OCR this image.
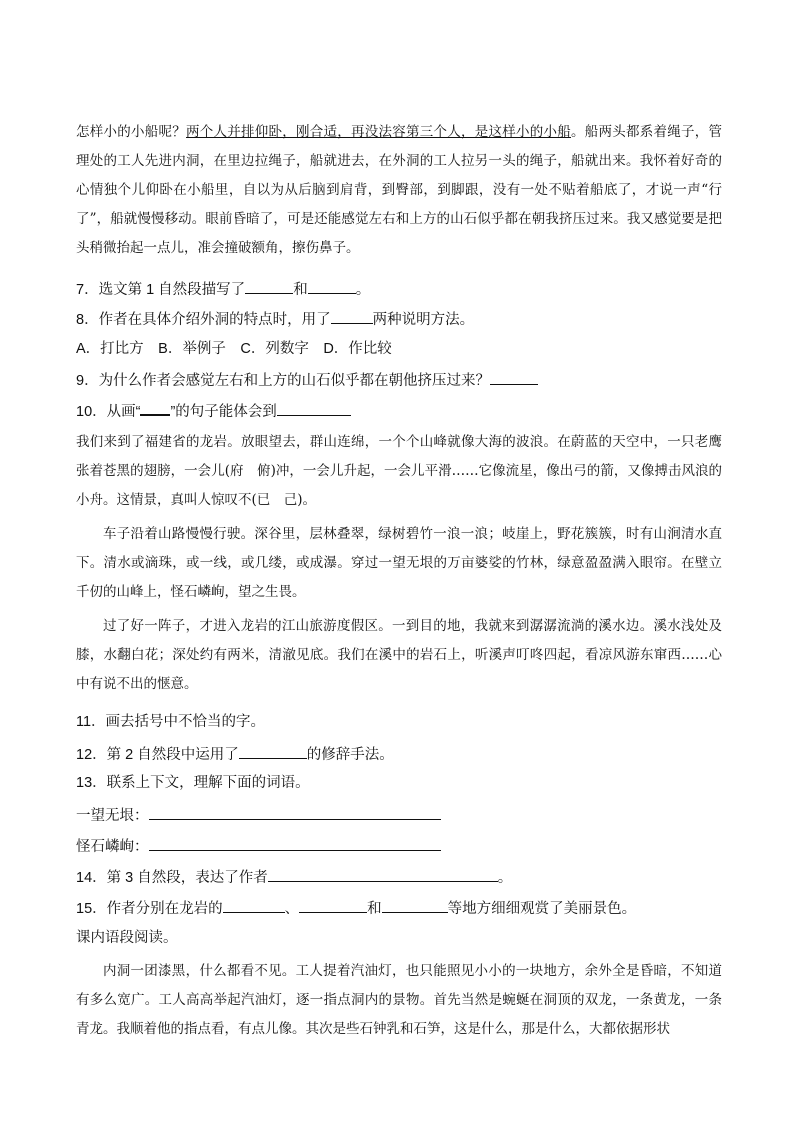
怎样小的小船呢？两个人并排仰卧，刚合适，再没法容第三个人，是这样小的小船。船两头都系着绳子，管理处的工人先进内洞，在里边拉绳子，船就进去，在外洞的工人拉另一头的绳子，船就出来。我怀着好奇的心情独个儿仰卧在小船里，自以为从后脑到肩背，到臀部，到脚跟，没有一处不贴着船底了，才说一声“行了”，船就慢慢移动。眼前昏暗了，可是还能感觉左右和上方的山石似乎都在朝我挤压过来。我又感觉要是把头稍微抬起一点儿，准会撞破额角，擦伤鼻子。
7．选文第 1 自然段描写了	和	。
8．作者在具体介绍外洞的特点时，用了	两种说明方法。
A．打比方　B．举例子　C．列数字　D．作比较
9．为什么作者会感觉左右和上方的山石似乎都在朝他挤压过来？
10．从画“ ”的句子能体会到
我们来到了福建省的龙岩。放眼望去，群山连绵，一个个山峰就像大海的波浪。在蔚蓝的天空中，一只老鹰张着苍黑的翅膀，一会儿(府　俯)冲，一会儿升起，一会儿平滑……它像流星，像出弓的箭，又像搏击风浪的小舟。这情景，真叫人惊叹不(已　己)。
车子沿着山路慢慢行驶。深谷里，层林叠翠，绿树碧竹一浪一浪；岐崖上，野花簇簇，时有山涧清水直下。清水或滴珠，或一线，或几缕，或成瀑。穿过一望无垠的万亩婆娑的竹林，绿意盈盈满入眼帘。在壁立千仞的山峰上，怪石嶙峋，望之生畏。
过了好一阵子，才进入龙岩的江山旅游度假区。一到目的地，我就来到潺潺流淌的溪水边。溪水浅处及膝，水翻白花；深处约有两米，清澈见底。我们在溪中的岩石上，听溪声叮咚四起，看凉风游东窜西……心中有说不出的惬意。
11．画去括号中不恰当的字。
12．第 2 自然段中运用了	的修辞手法。
13．联系上下文，理解下面的词语。
一望无垠：
怪石嶙峋：
14．第 3 自然段，表达了作者	。
15．作者分别在龙岩的	、	和	等地方细细观赏了美丽景色。
课内语段阅读。
内洞一团漆黑，什么都看不见。工人提着汽油灯，也只能照见小小的一块地方，余外全是昏暗，不知道有多么宽广。工人高高举起汽油灯，逐一指点洞内的景物。首先当然是蜿蜒在洞顶的双龙，一条黄龙，一条青龙。我顺着他的指点看，有点儿像。其次是些石钟乳和石笋，这是什么，那是什么，大都依据形状
